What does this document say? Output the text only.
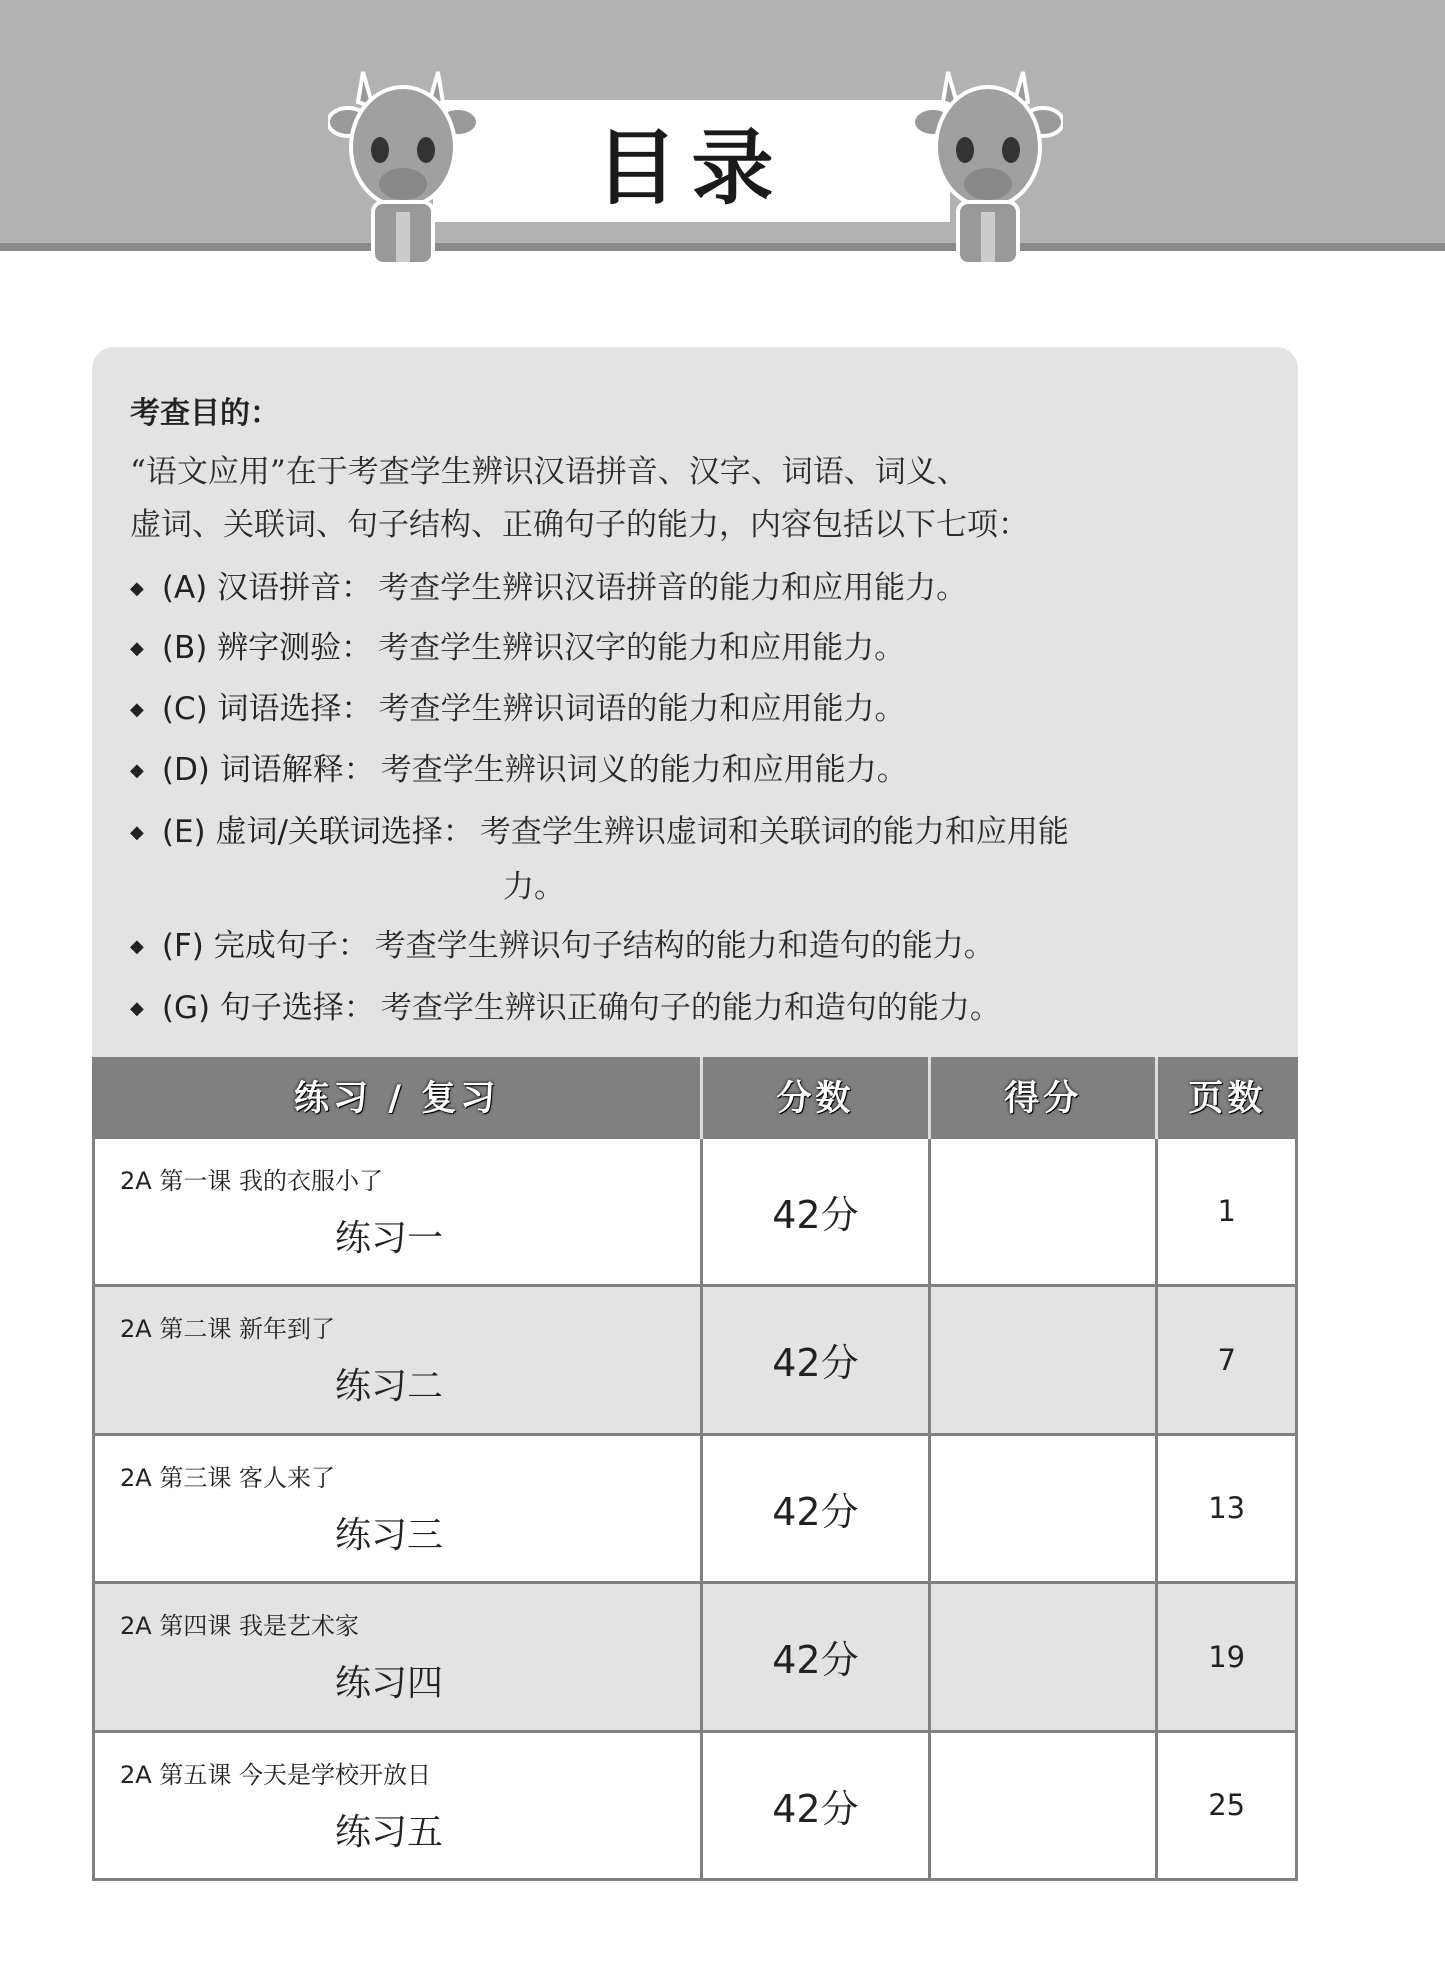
目录
考查目的：
“语文应用”在于考查学生辨识汉语拼音、汉字、词语、词义、
虚词、关联词、句子结构、正确句子的能力，内容包括以下七项：
◆ (A) 汉语拼音： 考查学生辨识汉语拼音的能力和应用能力。
◆ (B) 辨字测验： 考查学生辨识汉字的能力和应用能力。
◆ (C) 词语选择： 考查学生辨识词语的能力和应用能力。
◆ (D) 词语解释： 考查学生辨识词义的能力和应用能力。
◆ (E) 虚词/关联词选择： 考查学生辨识虚词和关联词的能力和应用能
力。
◆ (F) 完成句子： 考查学生辨识句子结构的能力和造句的能力。
◆ (G) 句子选择： 考查学生辨识正确句子的能力和造句的能力。
练习 / 复习	分数	得分	页数

2A 第一课 我的衣服小了
练习一	42分		1

2A 第二课 新年到了
练习二	42分		7

2A 第三课 客人来了
练习三	42分		13

2A 第四课 我是艺术家
练习四	42分		19

2A 第五课 今天是学校开放日
练习五	42分		25
